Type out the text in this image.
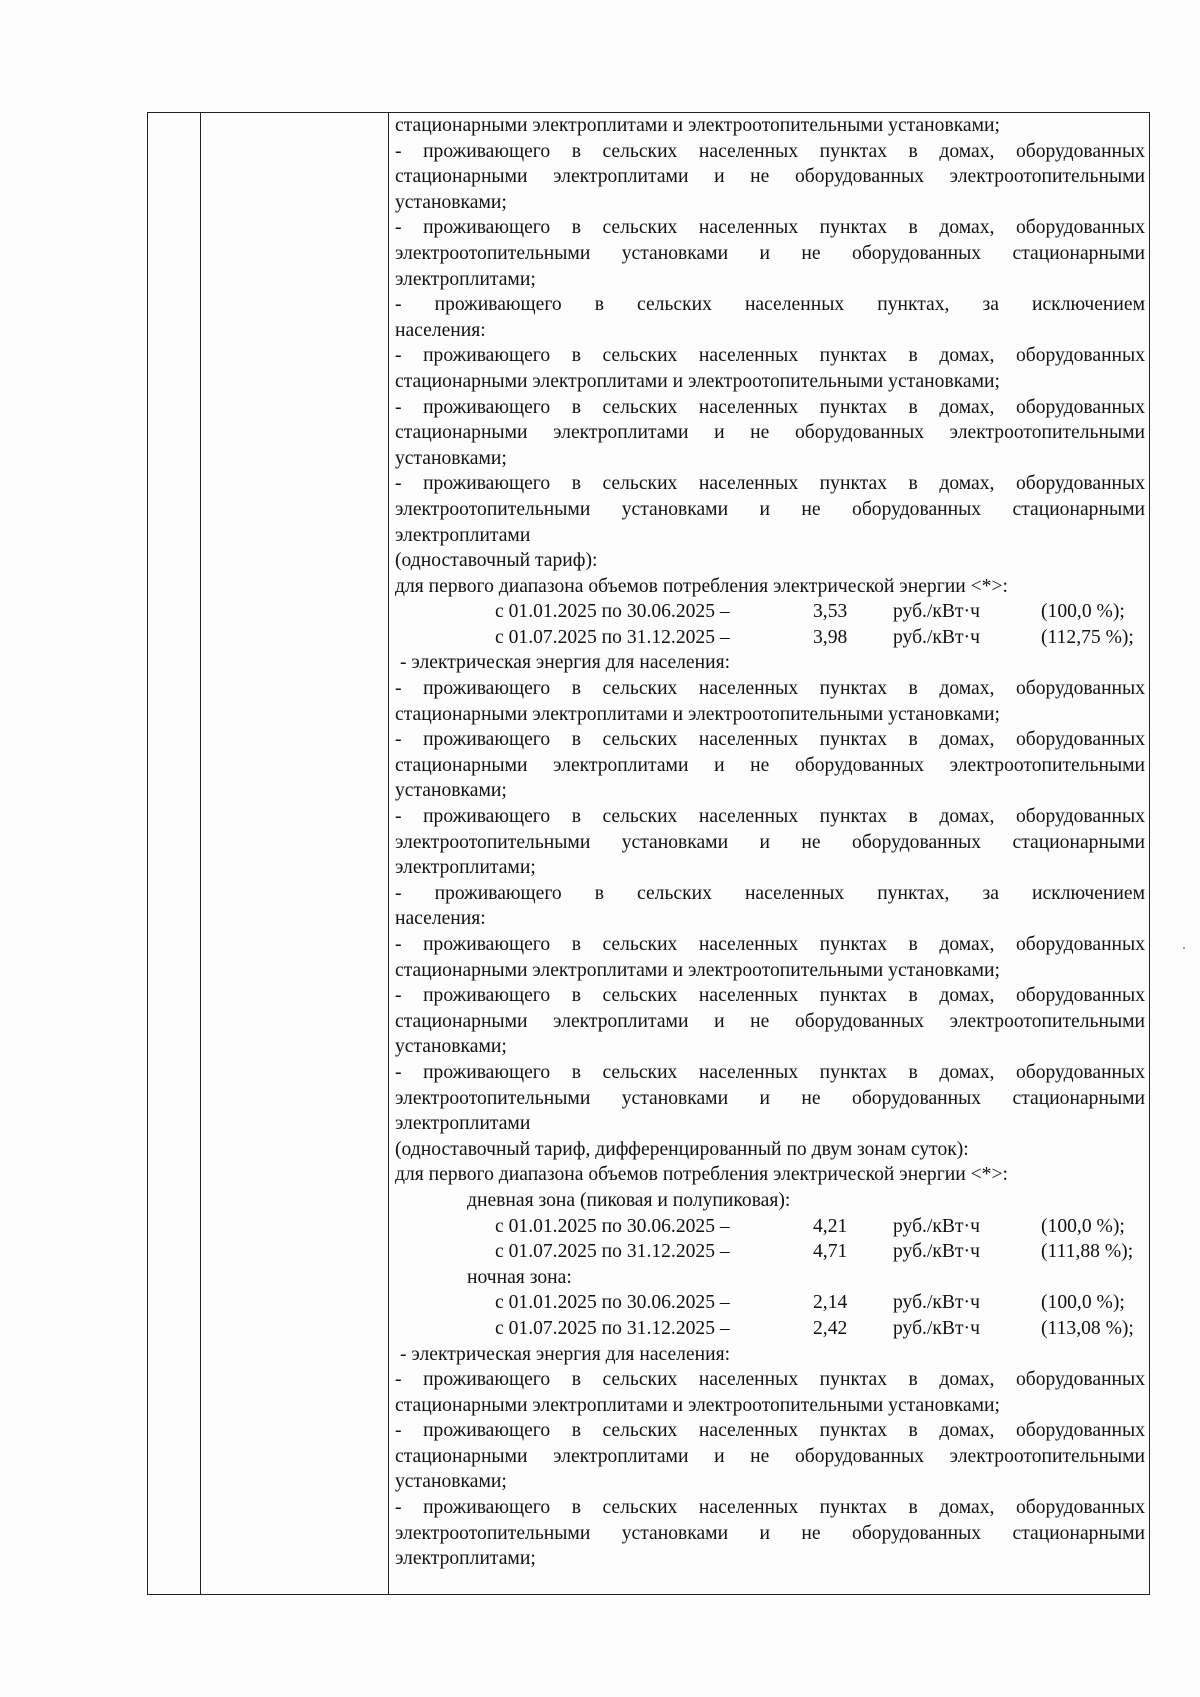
стационарными электроплитами и электроотопительными установками;
- проживающего в сельских населенных пунктах в домах, оборудованных
стационарными электроплитами и не оборудованных электроотопительными
установками;
- проживающего в сельских населенных пунктах в домах, оборудованных
электроотопительными установками и не оборудованных стационарными
электроплитами;
- проживающего в сельских населенных пунктах, за исключением
населения:
- проживающего в сельских населенных пунктах в домах, оборудованных
стационарными электроплитами и электроотопительными установками;
- проживающего в сельских населенных пунктах в домах, оборудованных
стационарными электроплитами и не оборудованных электроотопительными
установками;
- проживающего в сельских населенных пунктах в домах, оборудованных
электроотопительными установками и не оборудованных стационарными
электроплитами
(одноставочный тариф):
для первого диапазона объемов потребления электрической энергии <*>:
с 01.01.2025 по 30.06.2025 –	3,53 руб./кВт·ч	(100,0 %);
с 01.07.2025 по 31.12.2025 –	3,98 руб./кВт·ч	(112,75 %);
- электрическая энергия для населения:
- проживающего в сельских населенных пунктах в домах, оборудованных
стационарными электроплитами и электроотопительными установками;
- проживающего в сельских населенных пунктах в домах, оборудованных
стационарными электроплитами и не оборудованных электроотопительными
установками;
- проживающего в сельских населенных пунктах в домах, оборудованных
электроотопительными установками и не оборудованных стационарными
электроплитами;
- проживающего в сельских населенных пунктах, за исключением
населения:
- проживающего в сельских населенных пунктах в домах, оборудованных
стационарными электроплитами и электроотопительными установками;
- проживающего в сельских населенных пунктах в домах, оборудованных
стационарными электроплитами и не оборудованных электроотопительными
установками;
- проживающего в сельских населенных пунктах в домах, оборудованных
электроотопительными установками и не оборудованных стационарными
электроплитами
(одноставочный тариф, дифференцированный по двум зонам суток):
для первого диапазона объемов потребления электрической энергии <*>:
дневная зона (пиковая и полупиковая):
с 01.01.2025 по 30.06.2025 –	4,21 руб./кВт·ч	(100,0 %);
с 01.07.2025 по 31.12.2025 –	4,71 руб./кВт·ч	(111,88 %);
ночная зона:
с 01.01.2025 по 30.06.2025 –	2,14 руб./кВт·ч	(100,0 %);
с 01.07.2025 по 31.12.2025 –	2,42 руб./кВт·ч	(113,08 %);
- электрическая энергия для населения:
- проживающего в сельских населенных пунктах в домах, оборудованных
стационарными электроплитами и электроотопительными установками;
- проживающего в сельских населенных пунктах в домах, оборудованных
стационарными электроплитами и не оборудованных электроотопительными
установками;
- проживающего в сельских населенных пунктах в домах, оборудованных
электроотопительными установками и не оборудованных стационарными
электроплитами;
